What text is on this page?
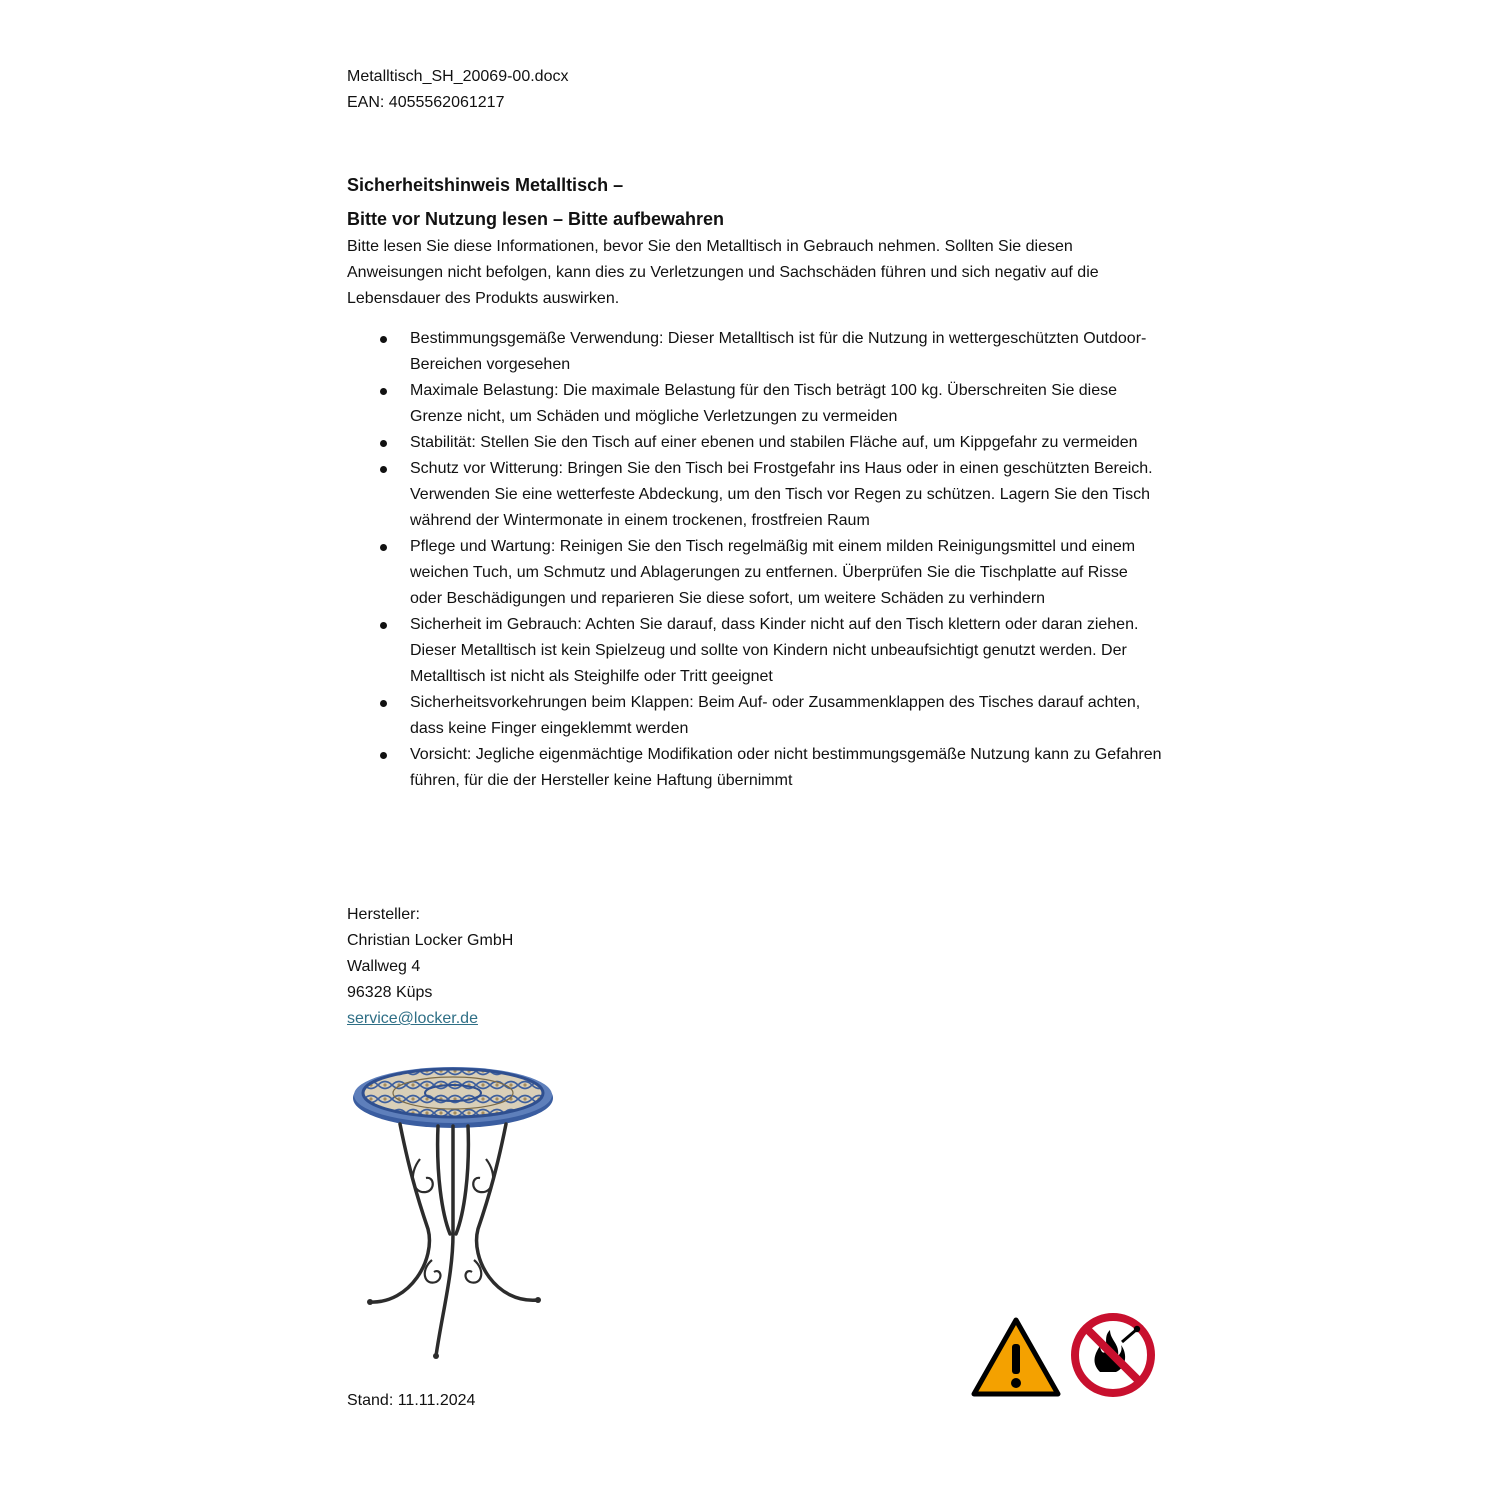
Metalltisch_SH_20069-00.docx
EAN: 4055562061217
Sicherheitshinweis Metalltisch –
Bitte vor Nutzung lesen – Bitte aufbewahren
Bitte lesen Sie diese Informationen, bevor Sie den Metalltisch in Gebrauch nehmen. Sollten Sie diesen Anweisungen nicht befolgen, kann dies zu Verletzungen und Sachschäden führen und sich negativ auf die Lebensdauer des Produkts auswirken.
Bestimmungsgemäße Verwendung: Dieser Metalltisch ist für die Nutzung in wettergeschützten Outdoor-Bereichen vorgesehen
Maximale Belastung: Die maximale Belastung für den Tisch beträgt 100 kg. Überschreiten Sie diese Grenze nicht, um Schäden und mögliche Verletzungen zu vermeiden
Stabilität: Stellen Sie den Tisch auf einer ebenen und stabilen Fläche auf, um Kippgefahr zu vermeiden
Schutz vor Witterung: Bringen Sie den Tisch bei Frostgefahr ins Haus oder in einen geschützten Bereich. Verwenden Sie eine wetterfeste Abdeckung, um den Tisch vor Regen zu schützen. Lagern Sie den Tisch während der Wintermonate in einem trockenen, frostfreien Raum
Pflege und Wartung: Reinigen Sie den Tisch regelmäßig mit einem milden Reinigungsmittel und einem weichen Tuch, um Schmutz und Ablagerungen zu entfernen. Überprüfen Sie die Tischplatte auf Risse oder Beschädigungen und reparieren Sie diese sofort, um weitere Schäden zu verhindern
Sicherheit im Gebrauch: Achten Sie darauf, dass Kinder nicht auf den Tisch klettern oder daran ziehen. Dieser Metalltisch ist kein Spielzeug und sollte von Kindern nicht unbeaufsichtigt genutzt werden. Der Metalltisch ist nicht als Steighilfe oder Tritt geeignet
Sicherheitsvorkehrungen beim Klappen: Beim Auf- oder Zusammenklappen des Tisches darauf achten, dass keine Finger eingeklemmt werden
Vorsicht: Jegliche eigenmächtige Modifikation oder nicht bestimmungsgemäße Nutzung kann zu Gefahren führen, für die der Hersteller keine Haftung übernimmt
Hersteller:
Christian Locker GmbH
Wallweg 4
96328 Küps
service@locker.de
Stand: 11.11.2024
